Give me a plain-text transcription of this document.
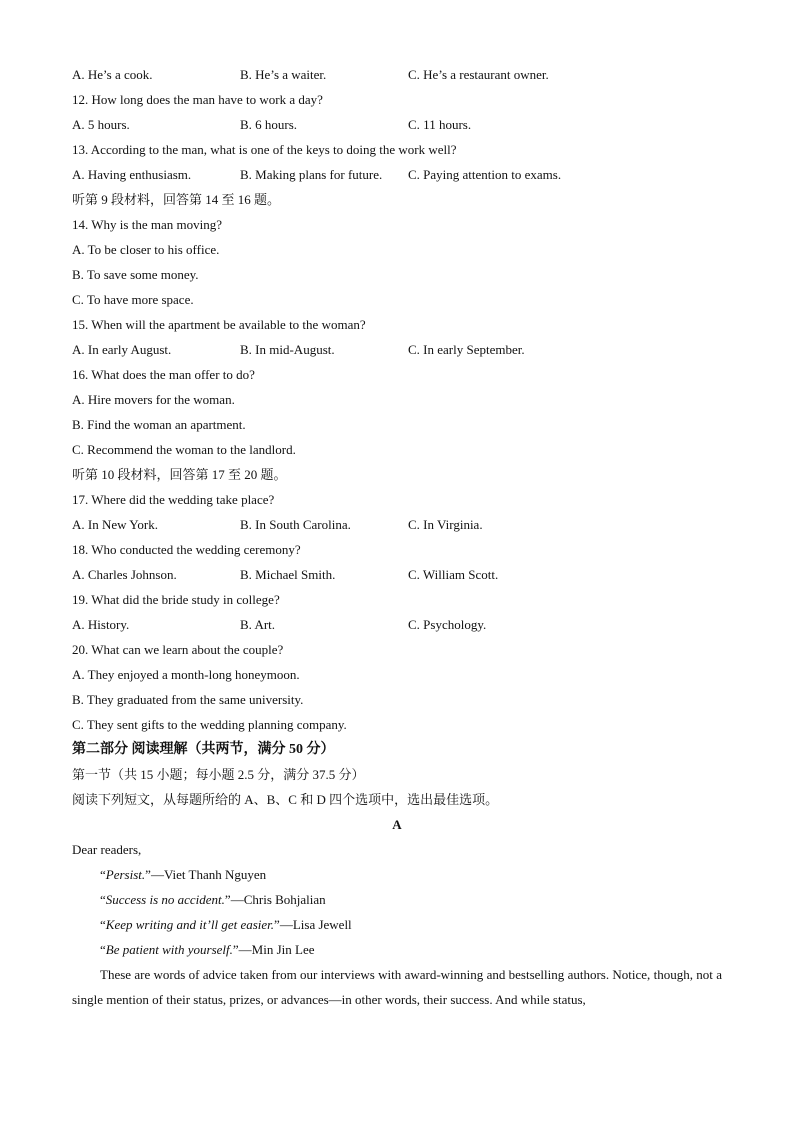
A. He’s a cook.	B. He’s a waiter.	C. He’s a restaurant owner.
12. How long does the man have to work a day?
A. 5 hours.	B. 6 hours.	C. 11 hours.
13. According to the man, what is one of the keys to doing the work well?
A. Having enthusiasm.	B. Making plans for future. C. Paying attention to exams.
听第 9 段材料，回答第 14 至 16 题。
14. Why is the man moving?
A. To be closer to his office.
B. To save some money.
C. To have more space.
15. When will the apartment be available to the woman?
A. In early August.	B. In mid-August.	C. In early September.
16. What does the man offer to do?
A. Hire movers for the woman.
B. Find the woman an apartment.
C. Recommend the woman to the landlord.
听第 10 段材料，回答第 17 至 20 题。
17. Where did the wedding take place?
A. In New York.	B. In South Carolina.	C. In Virginia.
18. Who conducted the wedding ceremony?
A. Charles Johnson.	B. Michael Smith.	C. William Scott.
19. What did the bride study in college?
A. History.	B. Art.	C. Psychology.
20. What can we learn about the couple?
A. They enjoyed a month-long honeymoon.
B. They graduated from the same university.
C. They sent gifts to the wedding planning company.
第二部分 阅读理解（共两节，满分 50 分）
第一节（共 15 小题；每小题 2.5 分，满分 37.5 分）
阅读下列短文，从每题所给的 A、B、C 和 D 四个选项中，选出最佳选项。
A
Dear readers,
“Persist.”—Viet Thanh Nguyen
“Success is no accident.”—Chris Bohjalian
“Keep writing and it’ll get easier.”—Lisa Jewell
“Be patient with yourself.”—Min Jin Lee
These are words of advice taken from our interviews with award-winning and bestselling authors. Notice, though, not a single mention of their status, prizes, or advances—in other words, their success. And while status,
